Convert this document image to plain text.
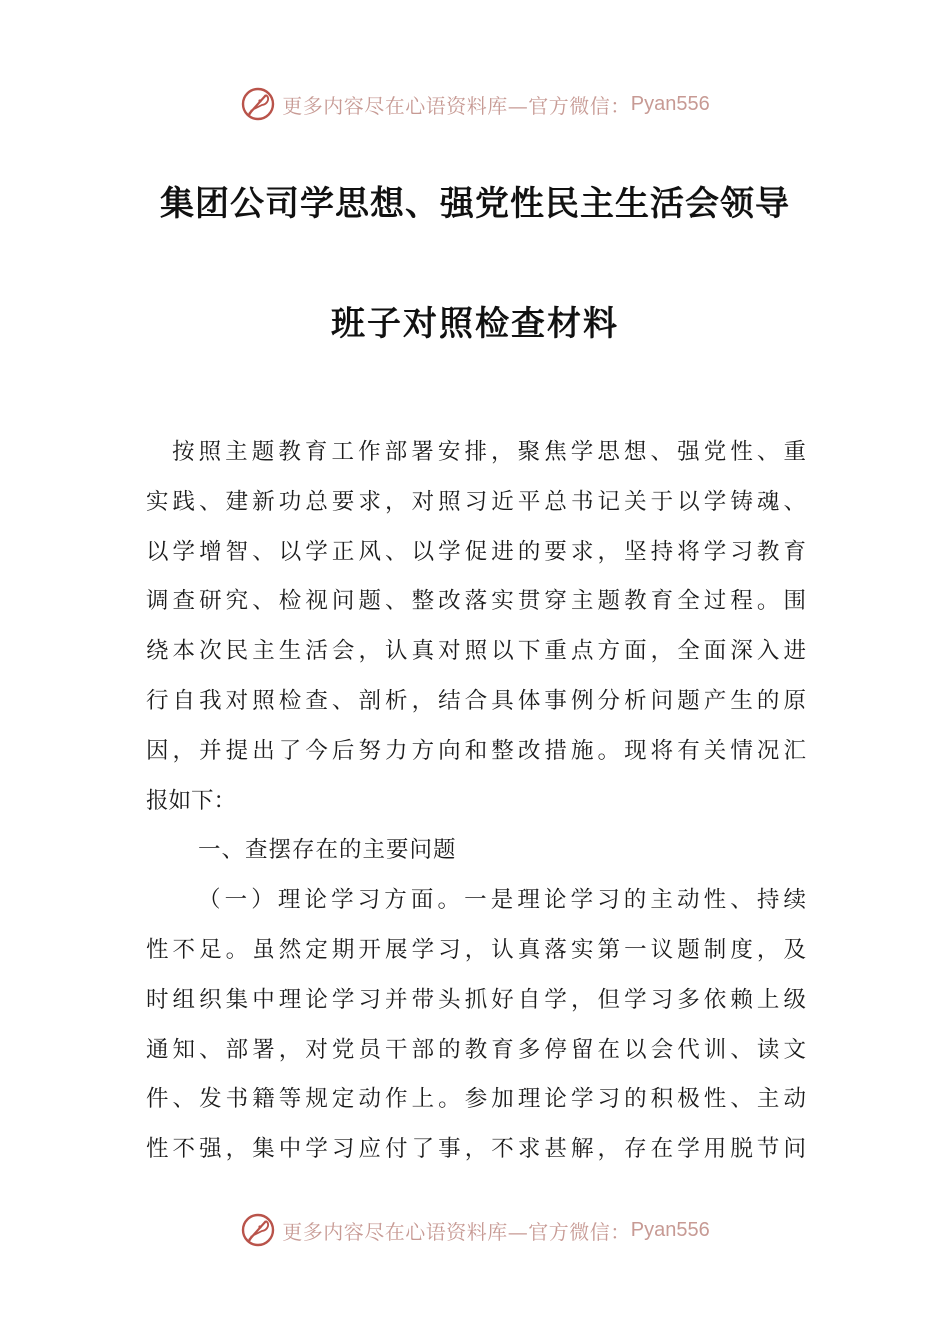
更多内容尽在心语资料库—官方微信： Pyan556
集团公司学思想、强党性民主生活会领导
班子对照检查材料
按照主题教育工作部署安排，聚焦学思想、强党性、重
实践、建新功总要求，对照习近平总书记关于以学铸魂、
以学增智、以学正风、以学促进的要求，坚持将学习教育
调查研究、检视问题、整改落实贯穿主题教育全过程。围
绕本次民主生活会，认真对照以下重点方面，全面深入进
行自我对照检查、剖析，结合具体事例分析问题产生的原
因，并提出了今后努力方向和整改措施。现将有关情况汇
报如下：
一、查摆存在的主要问题
（一）理论学习方面。一是理论学习的主动性、持续
性不足。虽然定期开展学习，认真落实第一议题制度，及
时组织集中理论学习并带头抓好自学，但学习多依赖上级
通知、部署，对党员干部的教育多停留在以会代训、读文
件、发书籍等规定动作上。参加理论学习的积极性、主动
性不强，集中学习应付了事，不求甚解，存在学用脱节问
更多内容尽在心语资料库—官方微信： Pyan556
